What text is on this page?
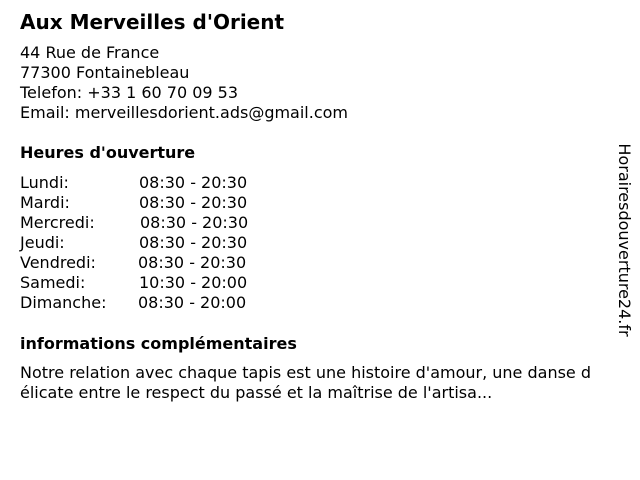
Aux Merveilles d'Orient
44 Rue de France
77300 Fontainebleau
Telefon: +33 1 60 70 09 53
Email: merveillesdorient.ads@gmail.com
Heures d'ouverture
Lundi:	08:30 - 20:30
Mardi:	08:30 - 20:30
Mercredi:	08:30 - 20:30
Jeudi:	08:30 - 20:30
Vendredi:	08:30 - 20:30
Samedi:	10:30 - 20:00
Dimanche: 08:30 - 20:00
informations complémentaires
Notre relation avec chaque tapis est une histoire d'amour, une danse délicate entre le respect du passé et la maîtrise de l'artisa...
Horairesdouverture24.fr
